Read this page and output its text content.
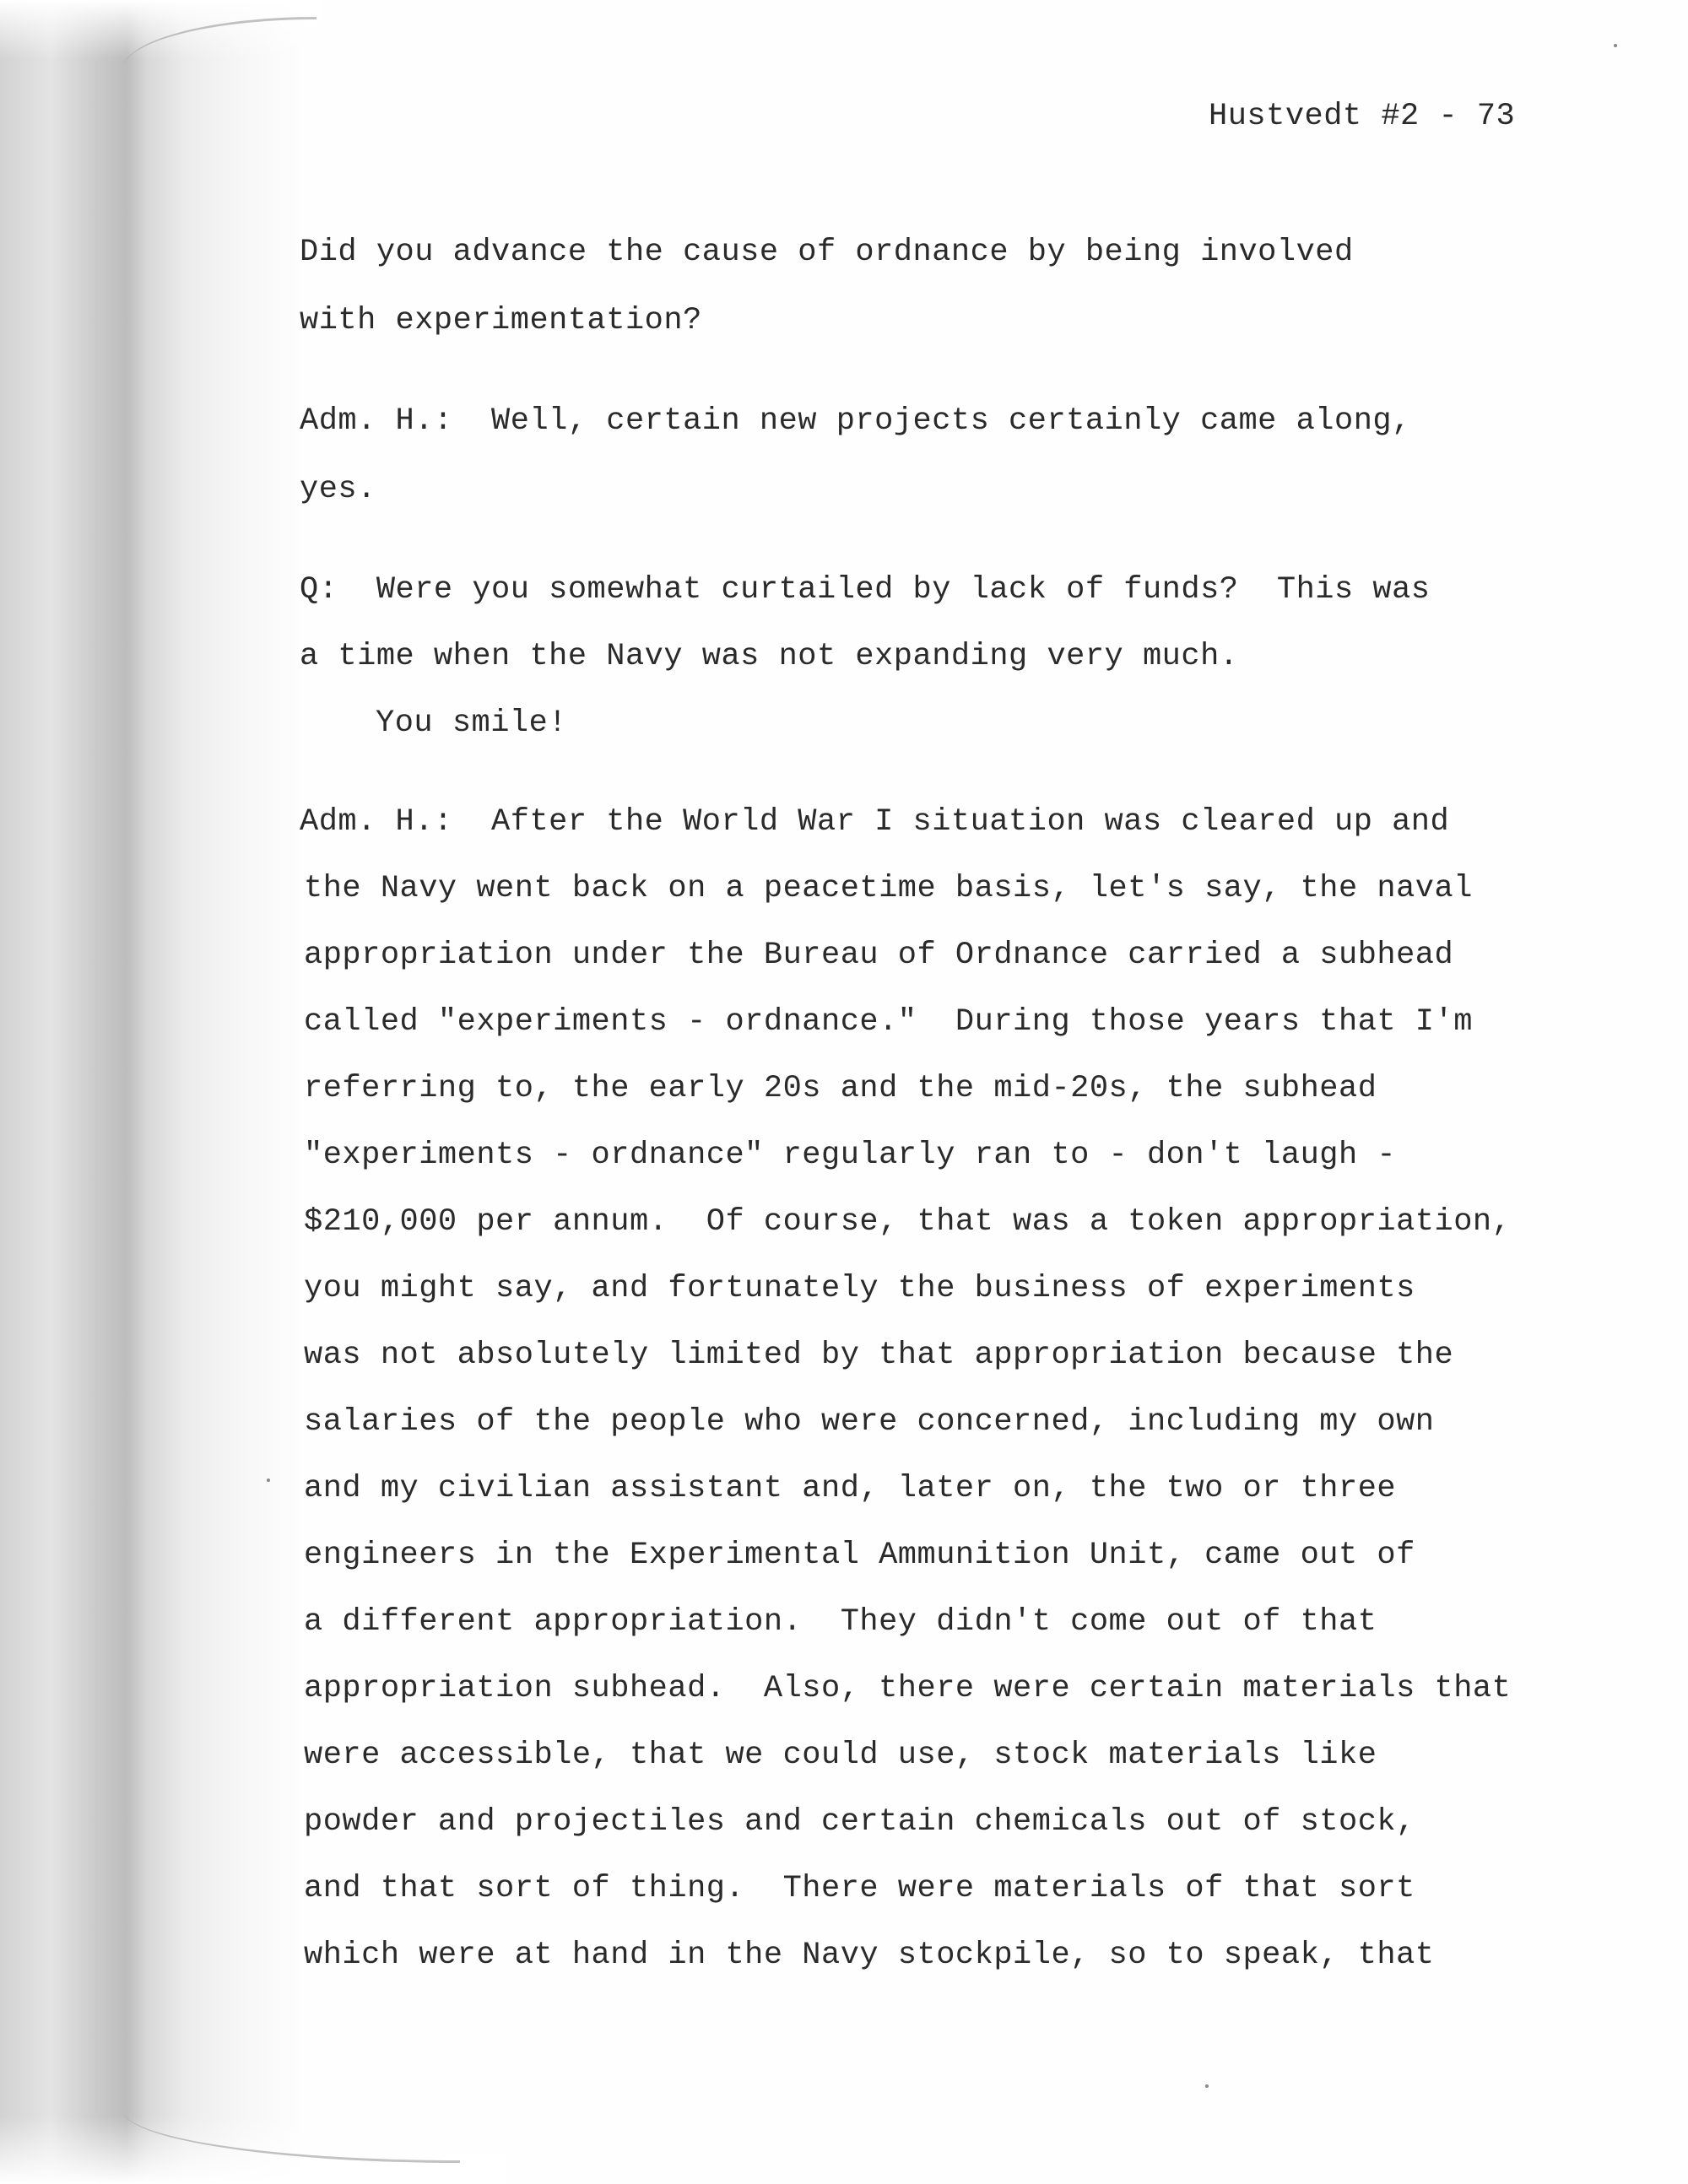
Hustvedt #2 - 73
Did you advance the cause of ordnance by being involved
with experimentation?
Adm. H.:  Well, certain new projects certainly came along,
yes.
Q:  Were you somewhat curtailed by lack of funds?  This was
a time when the Navy was not expanding very much.
You smile!
Adm. H.:  After the World War I situation was cleared up and
the Navy went back on a peacetime basis, let's say, the naval
appropriation under the Bureau of Ordnance carried a subhead
called "experiments - ordnance."  During those years that I'm
referring to, the early 20s and the mid-20s, the subhead
"experiments - ordnance" regularly ran to - don't laugh -
$210,000 per annum.  Of course, that was a token appropriation,
you might say, and fortunately the business of experiments
was not absolutely limited by that appropriation because the
salaries of the people who were concerned, including my own
and my civilian assistant and, later on, the two or three
engineers in the Experimental Ammunition Unit, came out of
a different appropriation.  They didn't come out of that
appropriation subhead.  Also, there were certain materials that
were accessible, that we could use, stock materials like
powder and projectiles and certain chemicals out of stock,
and that sort of thing.  There were materials of that sort
which were at hand in the Navy stockpile, so to speak, that
